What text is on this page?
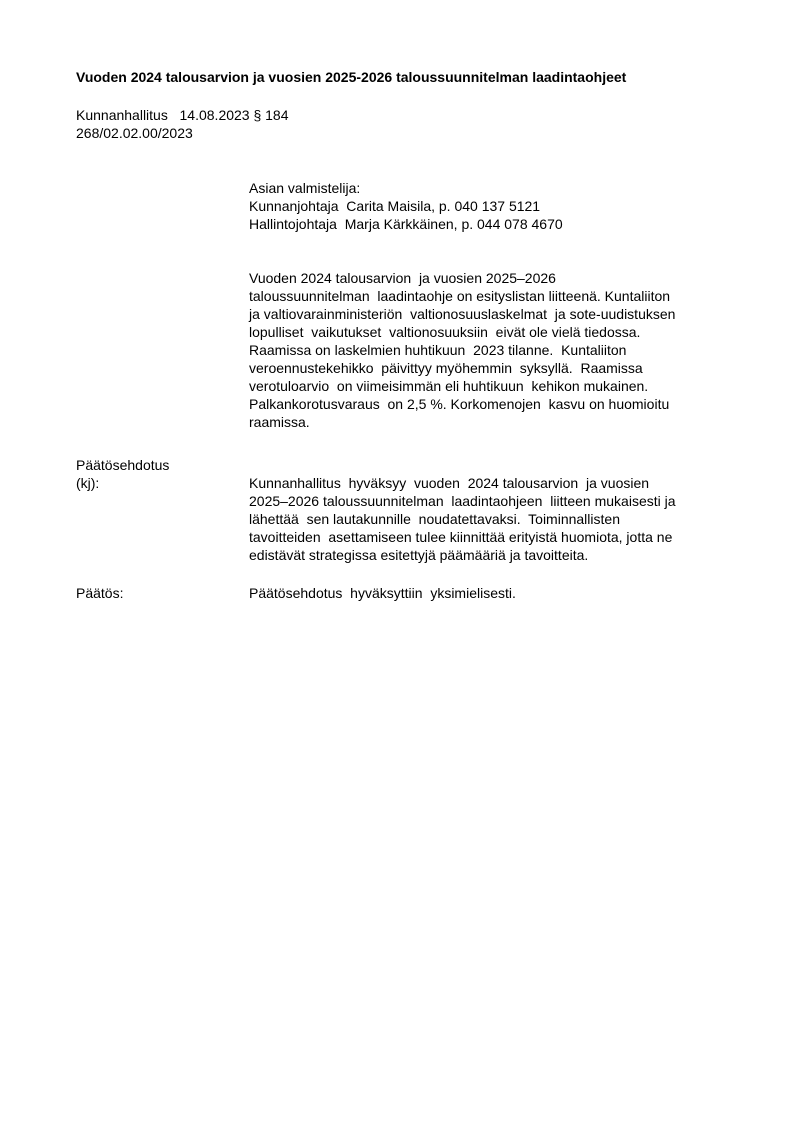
Vuoden 2024 talousarvion ja vuosien 2025-2026 taloussuunnitelman laadintaohjeet
Kunnanhallitus   14.08.2023 § 184
268/02.02.00/2023
Asian valmistelija:
Kunnanjohtaja  Carita Maisila, p. 040 137 5121
Hallintojohtaja  Marja Kärkkäinen, p. 044 078 4670
Vuoden 2024 talousarvion  ja vuosien 2025–2026
taloussuunnitelman  laadintaohje on esityslistan liitteenä. Kuntaliiton
ja valtiovarainministeriön  valtionosuuslaskelmat  ja sote-uudistuksen
lopulliset  vaikutukset  valtionosuuksiin  eivät ole vielä tiedossa.
Raamissa on laskelmien huhtikuun  2023 tilanne.  Kuntaliiton
veroennustekehikko  päivittyy myöhemmin  syksyllä.  Raamissa
verotuloarvio  on viimeisimmän eli huhtikuun  kehikon mukainen.
Palkankorotusvaraus  on 2,5 %. Korkomenojen  kasvu on huomioitu
raamissa.
Päätösehdotus
(kj):	Kunnanhallitus  hyväksyy  vuoden  2024 talousarvion  ja vuosien
2025–2026 taloussuunnitelman  laadintaohjeen  liitteen mukaisesti ja
lähettää  sen lautakunnille  noudatettavaksi.  Toiminnallisten
tavoitteiden  asettamiseen tulee kiinnittää erityistä huomiota, jotta ne
edistävät strategissa esitettyjä päämääriä ja tavoitteita.
Päätös:	Päätösehdotus  hyväksyttiin  yksimielisesti.
